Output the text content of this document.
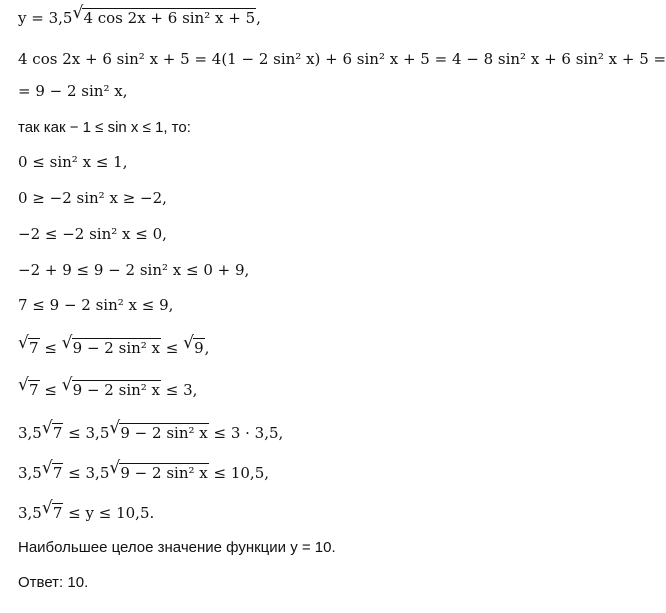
y = 3,5 √ 4 cos 2x + 6 sin² x + 5,
4 cos 2x + 6 sin² x + 5 = 4(1 − 2 sin² x) + 6 sin² x + 5 = 4 − 8 sin² x + 6 sin² x + 5 =
= 9 − 2 sin² x,
так как − 1 ≤ sin x ≤ 1, то:
0 ≤ sin² x ≤ 1,
0 ≥ −2 sin² x ≥ −2,
−2 ≤ −2 sin² x ≤ 0,
−2 + 9 ≤ 9 − 2 sin² x ≤ 0 + 9,
7 ≤ 9 − 2 sin² x ≤ 9,
√ 7 ≤ √ 9 − 2 sin² x ≤ √ 9,
√ 7 ≤ √ 9 − 2 sin² x ≤ 3,
3,5 √ 7 ≤ 3,5 √ 9 − 2 sin² x ≤ 3 · 3,5,
3,5 √ 7 ≤ 3,5 √ 9 − 2 sin² x ≤ 10,5,
3,5 √ 7 ≤ y ≤ 10,5.
Наибольшее целое значение функции y = 10.
Ответ: 10.
